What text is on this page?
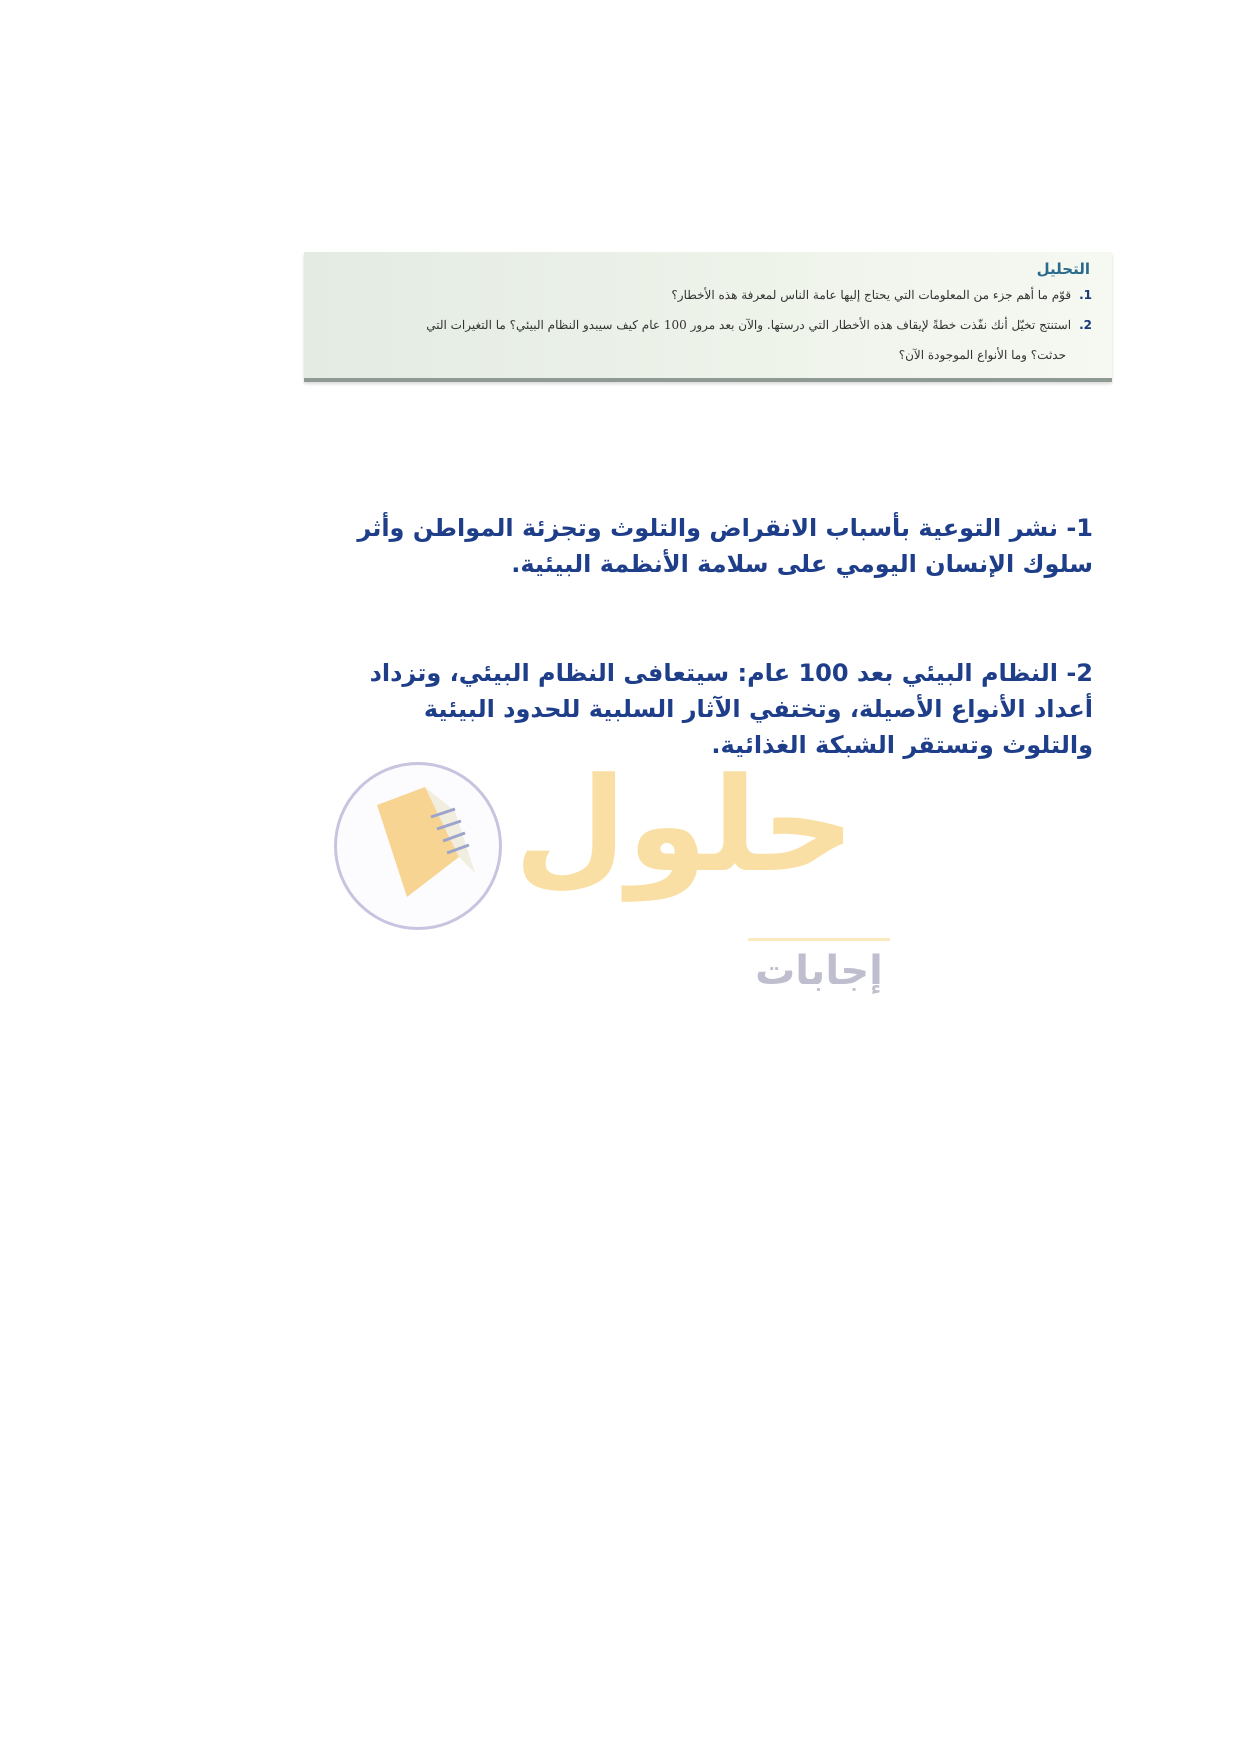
التحليل
1.قوّم ما أهم جزء من المعلومات التي يحتاج إليها عامة الناس لمعرفة هذه الأخطار؟
2.استنتج تخيّل أنك نفّذت خطةً لإيقاف هذه الأخطار التي درستها. والآن بعد مرور 100 عام كيف سيبدو النظام البيئي؟ ما التغيرات التي
حدثت؟ وما الأنواع الموجودة الآن؟
1- نشر التوعية بأسباب الانقراض والتلوث وتجزئة المواطن وأثر سلوك الإنسان اليومي على سلامة الأنظمة البيئية.
2- النظام البيئي بعد 100 عام: سيتعافى النظام البيئي، وتزداد أعداد الأنواع الأصيلة، وتختفي الآثار السلبية للحدود البيئية والتلوث وتستقر الشبكة الغذائية.
حلول
إجابات
